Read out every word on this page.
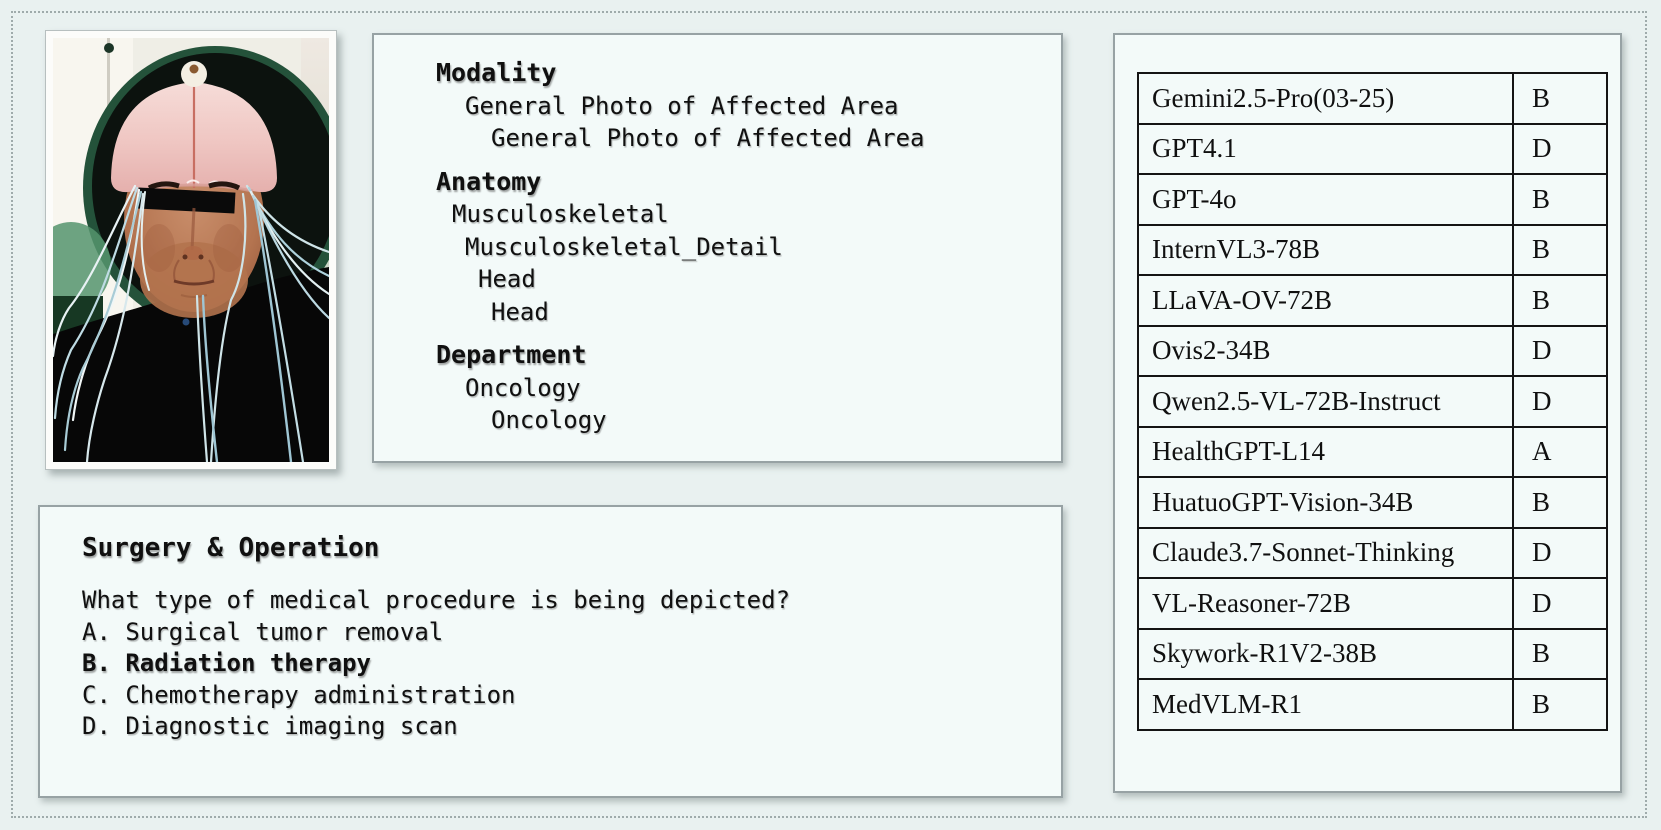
Modality
General Photo of Affected Area
General Photo of Affected Area
Anatomy
Musculoskeletal
Musculoskeletal_Detail
Head
Head
Department
Oncology
Oncology
Surgery & Operation
What type of medical procedure is being depicted?
A. Surgical tumor removal
B. Radiation therapy
C. Chemotherapy administration
D. Diagnostic imaging scan
Gemini2.5-Pro(03-25)	B
GPT4.1	D
GPT-4o	B
InternVL3-78B	B
LLaVA-OV-72B	B
Ovis2-34B	D
Qwen2.5-VL-72B-Instruct	D
HealthGPT-L14	A
HuatuoGPT-Vision-34B	B
Claude3.7-Sonnet-Thinking	D
VL-Reasoner-72B	D
Skywork-R1V2-38B	B
MedVLM-R1	B
